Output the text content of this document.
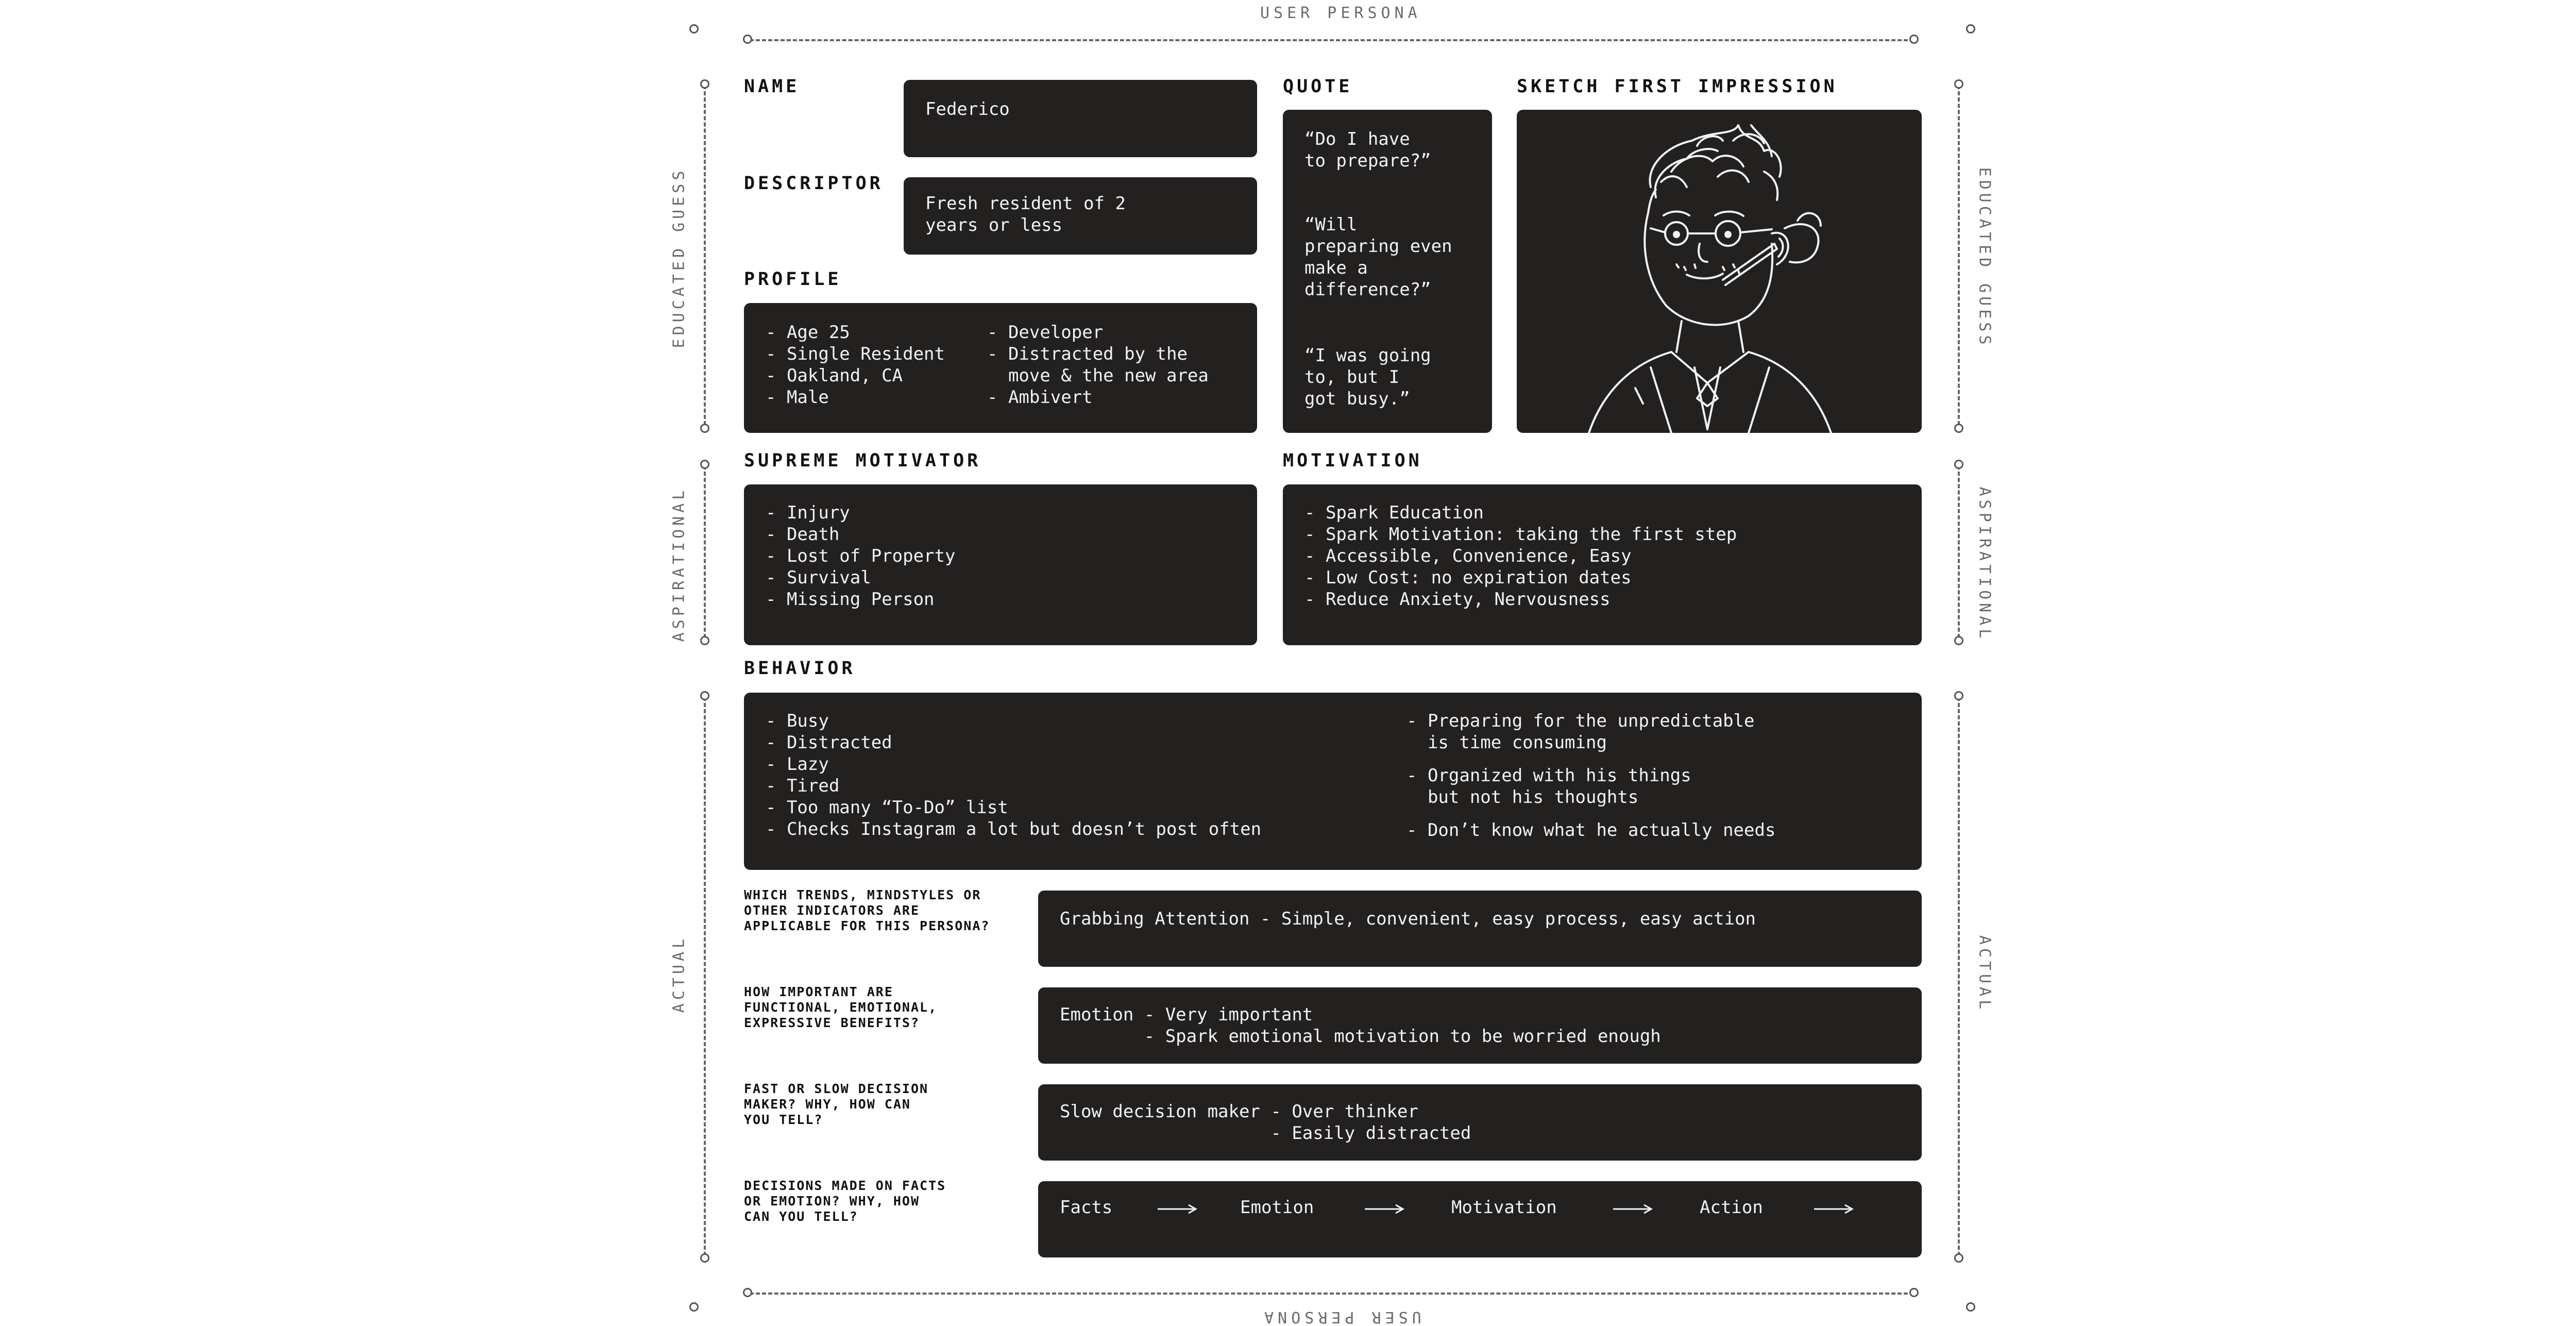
USER PERSONA
USER PERSONA
EDUCATED GUESS
ASPIRATIONAL
ACTUAL
EDUCATED GUESS
ASPIRATIONAL
ACTUAL
NAME
Federico
DESCRIPTOR
Fresh resident of 2
years or less
PROFILE
- Age 25
- Single Resident
- Oakland, CA
- Male
- Developer
- Distracted by the
move & the new area
- Ambivert
QUOTE
“Do I have
to prepare?”
“Will
preparing even
make a
difference?”
“I was going
to, but I
got busy.”
SKETCH FIRST IMPRESSION
SUPREME MOTIVATOR
- Injury
- Death
- Lost of Property
- Survival
- Missing Person
MOTIVATION
- Spark Education
- Spark Motivation: taking the first step
- Accessible, Convenience, Easy
- Low Cost: no expiration dates
- Reduce Anxiety, Nervousness
BEHAVIOR
- Busy
- Distracted
- Lazy
- Tired
- Too many “To-Do” list
- Checks Instagram a lot but doesn’t post often
- Preparing for the unpredictable
is time consuming
- Organized with his things
but not his thoughts
- Don’t know what he actually needs
WHICH TRENDS, MINDSTYLES OR
OTHER INDICATORS ARE
APPLICABLE FOR THIS PERSONA?	Grabbing Attention - Simple, convenient, easy process, easy action
HOW IMPORTANT ARE
FUNCTIONAL, EMOTIONAL,
EXPRESSIVE BENEFITS?	Emotion - Very important
- Spark emotional motivation to be worried enough
FAST OR SLOW DECISION
MAKER? WHY, HOW CAN
YOU TELL?	Slow decision maker - Over thinker
- Easily distracted
DECISIONS MADE ON FACTS
OR EMOTION? WHY, HOW
CAN YOU TELL?	Facts	Emotion	Motivation	Action
